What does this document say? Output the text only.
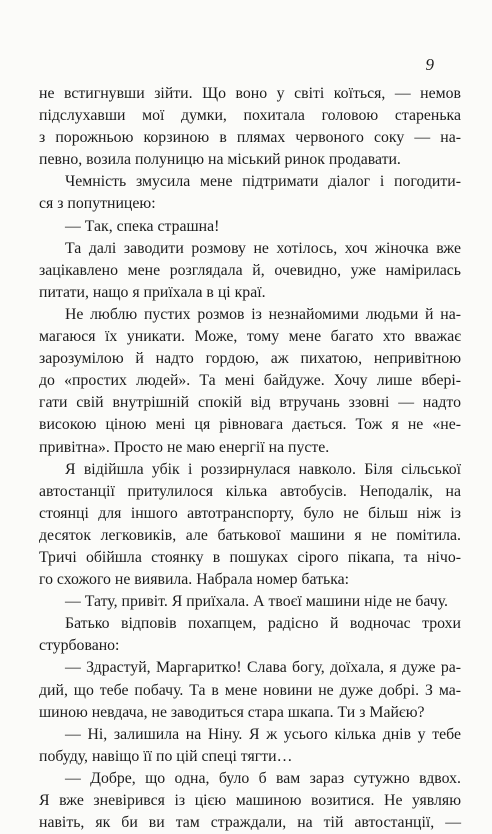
9
не встигнувши зійти. Що воно у світі коїться, — немов
підслухавши мої думки, похитала головою старенька
з порожньою корзиною в плямах червоного соку — на-
певно, возила полуницю на міський ринок продавати.
Чемність змусила мене підтримати діалог і погодити-
ся з попутницею:
— Так, спека страшна!
Та далі заводити розмову не хотілось, хоч жіночка вже
зацікавлено мене розглядала й, очевидно, уже намірилась
питати, нащо я приїхала в ці краї.
Не люблю пустих розмов із незнайомими людьми й на-
магаюся їх уникати. Може, тому мене багато хто вважає
зарозумілою й надто гордою, аж пихатою, непривітною
до «простих людей». Та мені байдуже. Хочу лише вбері-
гати свій внутрішній спокій від втручань ззовні — надто
високою ціною мені ця рівновага дається. Тож я не «не-
привітна». Просто не маю енергії на пусте.
Я відійшла убік і роззирнулася навколо. Біля сільської
автостанції притулилося кілька автобусів. Неподалік, на
стоянці для іншого автотранспорту, було не більш ніж із
десяток легковиків, але батькової машини я не помітила.
Тричі обійшла стоянку в пошуках сірого пікапа, та нічо-
го схожого не виявила. Набрала номер батька:
— Тату, привіт. Я приїхала. А твоєї машини ніде не бачу.
Батько відповів похапцем, радісно й водночас трохи
стурбовано:
— Здрастуй, Маргаритко! Слава богу, доїхала, я дуже ра-
дий, що тебе побачу. Та в мене новини не дуже добрі. З ма-
шиною невдача, не заводиться стара шкапа. Ти з Майєю?
— Ні, залишила на Ніну. Я ж усього кілька днів у тебе
побуду, навіщо її по цій спеці тягти…
— Добре, що одна, було б вам зараз сутужно вдвох.
Я вже зневірився із цією машиною возитися. Не уявляю
навіть, як би ви там страждали, на тій автостанції, —
